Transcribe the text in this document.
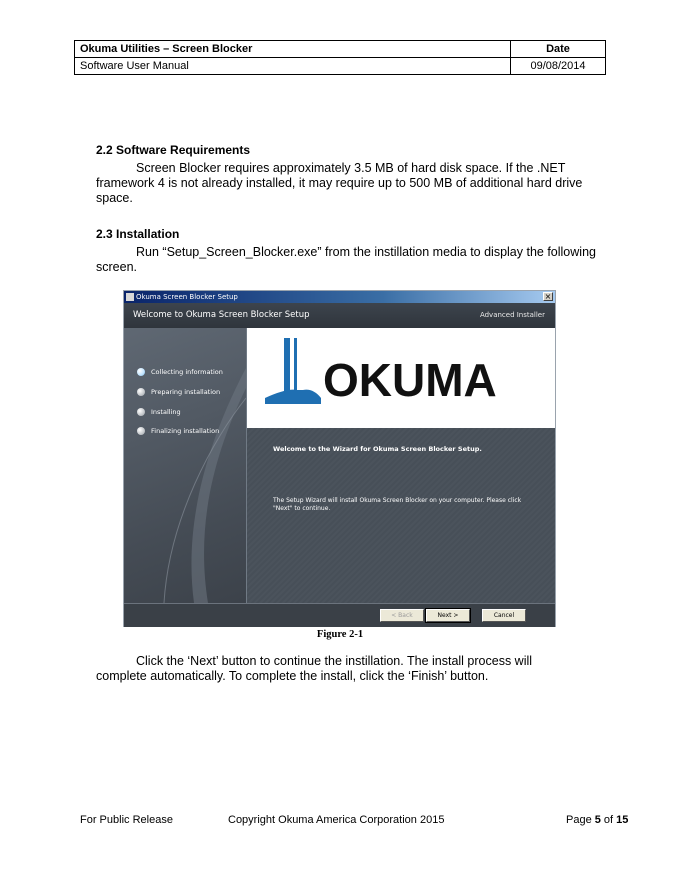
Okuma Utilities – Screen Blocker	Date
Software User Manual	09/08/2014
2.2 Software Requirements
Screen Blocker requires approximately 3.5 MB of hard disk space. If the .NET framework 4 is not already installed, it may require up to 500 MB of additional hard drive space.
2.3 Installation
Run “Setup_Screen_Blocker.exe” from the instillation media to display the following screen.
Okuma Screen Blocker Setup	×
Welcome to Okuma Screen Blocker Setup	Advanced Installer
Collecting information
Preparing installation
Installing
Finalizing installation
OKUMA
Welcome to the Wizard for Okuma Screen Blocker Setup.
The Setup Wizard will install Okuma Screen Blocker on your computer. Please click "Next" to continue.
< Back	Next >	Cancel
Figure 2-1
Click the ‘Next’ button to continue the instillation. The install process will complete automatically. To complete the install, click the ‘Finish’ button.
For Public Release	Copyright Okuma America Corporation 2015	Page 5 of 15
